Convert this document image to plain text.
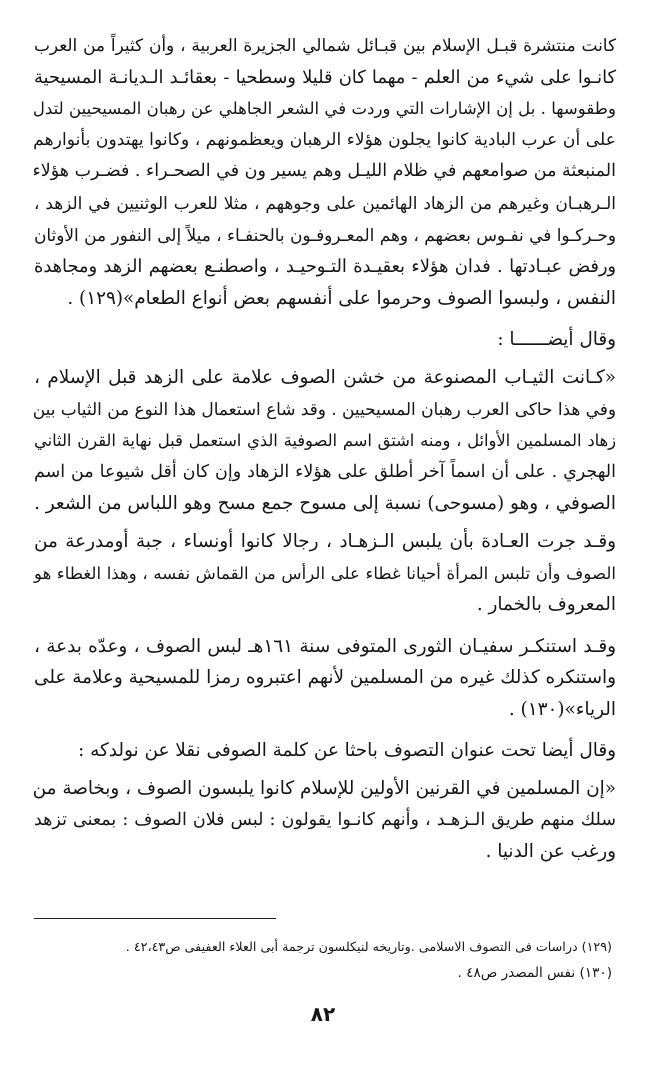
كانت منتشرة قبـل الإسلام بين قبـائل شمالي الجزيرة العربية ، وأن كثيراً من العرب
كانـوا على شيء من العلم - مهما كان قليلا وسطحيا - بعقائـد الـديانـة المسيحية
وطقوسها . بل إن الإشارات التي وردت في الشعر الجاهلي عن رهبان المسيحيين لتدل
على أن عرب البادية كانوا يجلون هؤلاء الرهبان ويعظمونهم ، وكانوا يهتدون بأنوارهم
المنبعثة من صوامعهم في ظلام الليـل وهم يسير ون في الصحـراء . فضـرب هؤلاء
الـرهبـان وغيرهم من الزهاد الهائمين على وجوههم ، مثلا للعرب الوثنيين في الزهد ،
وحـركـوا في نفـوس بعضهم ، وهم المعـروفـون بالحنفـاء ، ميلاً إلى النفور من الأوثان
ورفض عبـادتها . فدان هؤلاء بعقيـدة التـوحيـد ، واصطنـع بعضهم الزهد ومجاهدة
النفس ، ولبسوا الصوف وحرموا على أنفسهم بعض أنواع الطعام»(١٢٩) .

وقال أيضــــــا :

«كـانت الثيـاب المصنوعة من خشن الصوف علامة على الزهد قبل الإسلام ،
وفي هذا حاكى العرب رهبان المسيحيين . وقد شاع استعمال هذا النوع من الثياب بين
زهاد المسلمين الأوائل ، ومنه اشتق اسم الصوفية الذي استعمل قبل نهاية القرن الثاني
الهجري . على أن اسماً آخر أطلق على هؤلاء الزهاد وإن كان أقل شيوعا من اسم
الصوفي ، وهو (مسوحى) نسبة إلى مسوح جمع مسح وهو اللباس من الشعر .

وقـد جرت العـادة بأن يلبس الـزهـاد ، رجالا كانوا أونساء ، جبة أومدرعة من
الصوف وأن تلبس المرأة أحيانا غطاء على الرأس من القماش نفسه ، وهذا الغطاء هو
المعروف بالخمار .

وقـد استنكـر سفيـان الثورى المتوفى سنة ١٦١هـ لبس الصوف ، وعدّه بدعة ،
واستنكره كذلك غيره من المسلمين لأنهم اعتبروه رمزا للمسيحية وعلامة على
الرياء»(١٣٠) .

وقال أيضا تحت عنوان التصوف باحثا عن كلمة الصوفى نقلا عن نولدكه :

«إن المسلمين في القرنين الأولين للإسلام كانوا يلبسون الصوف ، وبخاصة من
سلك منهم طريق الـزهـد ، وأنهم كانـوا يقولون : لبس فلان الصوف : بمعنى تزهد
ورغب عن الدنيا .

(١٢٩) دراسات فى التصوف الاسلامى .وتاريخه لنيكلسون ترجمة أبى العلاء العفيفى ص٤٢،٤٣ .
(١٣٠) نفس المصدر ص٤٨ .
٨٢
